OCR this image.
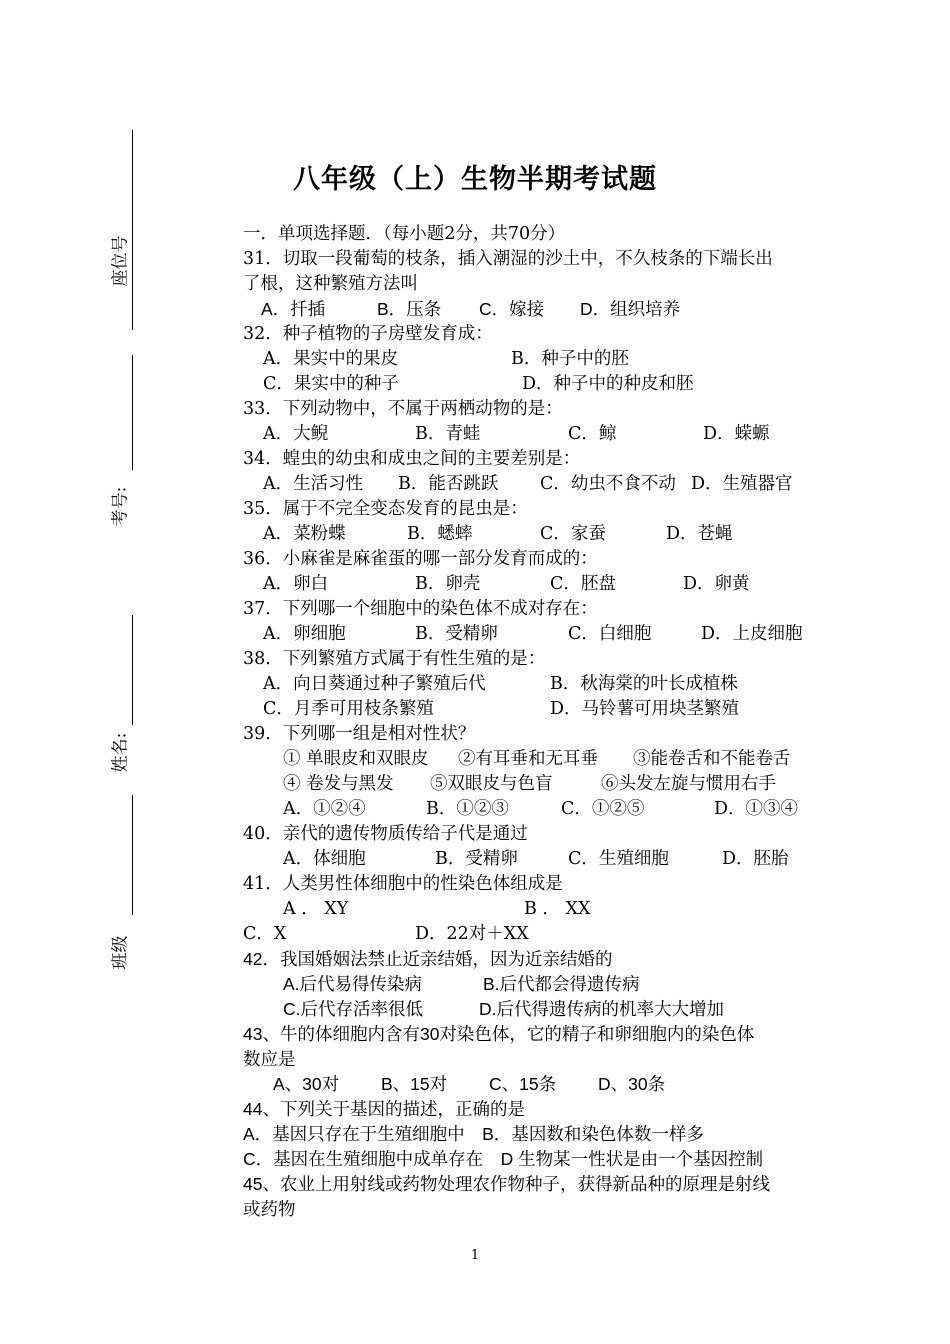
座位号
考号:
姓名:
班级
八年级（上）生物半期考试题
一．单项选择题．（每小题2分，共70分）
31．切取一段葡萄的枝条，插入潮湿的沙土中，不久枝条的下端长出
了根，这种繁殖方法叫
A．扦插	B．压条 C．嫁接 D．组织培养
32．种子植物的子房壁发育成：
A．果实中的果皮	B．种子中的胚
C．果实中的种子	D．种子中的种皮和胚
33．下列动物中，不属于两栖动物的是：
A．大鲵	B．青蛙	C．鲸	D．蝾螈
34．蝗虫的幼虫和成虫之间的主要差别是：
A．生活习性 B．能否跳跃 C．幼虫不食不动 D．生殖器官
35．属于不完全变态发育的昆虫是：
A．菜粉蝶	B．蟋蟀	C．家蚕	D．苍蝇
36．小麻雀是麻雀蛋的哪一部分发育而成的：
A．卵白	B．卵壳	C．胚盘	D．卵黄
37．下列哪一个细胞中的染色体不成对存在：
A．卵细胞	B．受精卵	C．白细胞	D．上皮细胞
38．下列繁殖方式属于有性生殖的是：
A．向日葵通过种子繁殖后代	B．秋海棠的叶长成植株
C．月季可用枝条繁殖	D．马铃薯可用块茎繁殖
39．下列哪一组是相对性状？
① 单眼皮和双眼皮 ②有耳垂和无耳垂 ③能卷舌和不能卷舌
④ 卷发与黑发 ⑤双眼皮与色盲	⑥头发左旋与惯用右手
A．①②④	B．①②③	C．①②⑤	D．①③④
40．亲代的遗传物质传给子代是通过
A．体细胞	B．受精卵	C．生殖细胞	D．胚胎
41．人类男性体细胞中的性染色体组成是
A ． XY	B ． XX
C．X	D．22对＋XX
42．我国婚姻法禁止近亲结婚，因为近亲结婚的
A.后代易得传染病	B.后代都会得遗传病
C.后代存活率很低	D.后代得遗传病的机率大大增加
43、牛的体细胞内含有30对染色体，它的精子和卵细胞内的染色体
数应是
A、30对 B、15对 C、15条 D、30条
44、下列关于基因的描述，正确的是
A．基因只存在于生殖细胞中　B．基因数和染色体数一样多
C．基因在生殖细胞中成单存在　D 生物某一性状是由一个基因控制
45、农业上用射线或药物处理农作物种子，获得新品种的原理是射线
或药物
1
